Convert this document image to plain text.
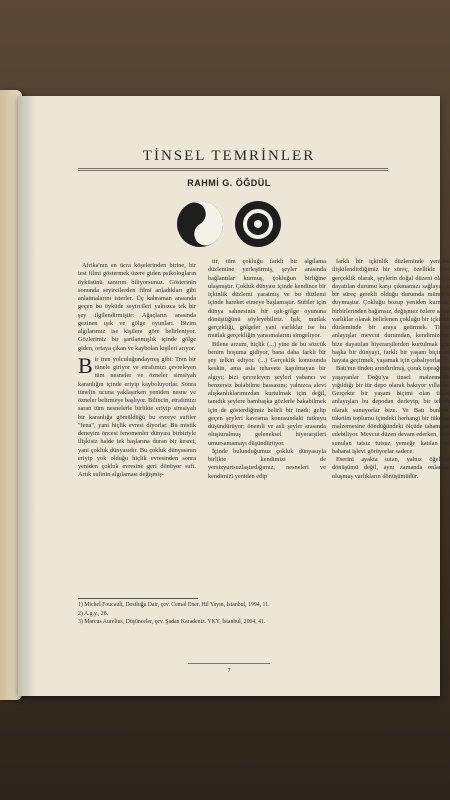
TİNSEL TEMRİNLER
RAHMİ G. ÖĞDÜL

Afrika'nın en ücra köşelerinden birine, bir test filmi göstermek üzere giden psikologların öyküsünü sanırım biliyorsunuz. Gösterinin sonunda seyircilerden filmi anladıkları gibi anlatmalarını isterler. Üç kahraman arasında geçen bu öyküde seyircileri yalnızca tek bir şey ilgilendirmiştir: Ağaçların arasında gezinen ışık ve gölge oyunları. Bizim algılarımız ise kişilere göre belirleniyor. Gözlerimiz bir şartlanmışlık içinde gölge giden, ortaya çıkan ve kaybolan kişileri arıyor.

Bir tren yolculuğundaymış gibi: Tren bir tünele giriyor ve etrafımızı çevreleyen tüm nesneler ve özneler simsiyah karanlığın içinde eriyip kayboluyorlar. Sonra tünelin ucuna yaklaşırken yeniden nesne ve özneler belirmeye başlıyor. Bilincin, etrafımızı saran tüm nesnelerle birlikte eriyip simsiyah bir karanlığa gömüldüğü bu evreye sufiler "fena", yani hiçlik evresi diyorlar. Bu mistik deneyim öncesi fenomenler dünyası birbiriyle ilişkisiz halde tek başlarına duran bir kesret, yani çokluk dünyasıdır. Bu çokluk dünyasının eriyip yok olduğu hiçlik evresinden sonra yeniden çokluk evresine geri dönüyor sufi. Artık sufinin algılaması değişmiş-

tir, tüm çokluğu farklı bir algılama düzlemine yerleştirmiş, şeyler arasında bağlantılar kurmuş, çokluğun birliğine ulaşmıştır. Çokluk dünyası içinde kendince bir içkinlik düzlemi yaratmış ve bu düzlemi içinde hareket etmeye başlamıştır. Sufiler için dünya sahnesinin bir ışık-gölge oyununa dönüştüğünü söyleyebiliriz. Işık, mutlak gerçekliği, gölgeler yani varlıklar ise bu mutlak gerçekliğin yansımalarını simgeliyor.

Bilene arzum, hiçlik (...) yine de bu sözcük benim hoşuma gidiyor, bana daha farklı bir şey telkin ediyor. (...) Gerçeklik konusunda keskin, ama asla rehavete kapılmayan bir algıyı; bizi çevreleyen şeyleri yabancı ve benzersiz bulabilme hassasını; yalnızca alevi alışkanlıklarımızdan kurtulmak için değil, tanıdık şeylere bambaşka gözlerle bakabilmek için de gösterdiğimiz belirli bir inadı; gelip geçen şeyleri kavrama konusundaki tutkuyu düşündürüyor; önemli ve asli şeyler arasında oluşturulmuş geleneksel hiyerarşileri umursamamayı düşündürüyor.

İçinde bulunduğumuz çokluk dünyasıyla birlikte kendimizi de yersizyurtsuzlaştırdığımız, nesneleri ve kendimizi yeniden edip

farklı bir içkinlik düzleminde yeniden ilişkilendirdiğimiz bir süreç, özellikle bize gerçeklik olarak, şeylerin doğal düzeni olarak dayatılan durumu karşı çıkmamızı sağlayacak bir süreç gerekli olduğu durumda mümkün duymuştur. Çokluğu bozup yeniden kurmak, birbirlerinden bağımsız, değişmez özlere sahip varlıklar olarak belirlenen çokluğu bir içkinlik düzleminde bir araya getirmek. Tinsel anlayışlar mevcut durumdan, kendimizden, bize dayatılan hiyerarşilerden kurtulmak için başka bir dünyayı, farklı bir yaşam biçimini hayata geçirmek, yaşamak için çabalıyorlar.

Batı'nın tinden arındırılmış, çorak toprağında yaşayanlar Doğu'ya tinsel malzemenin yığıldığı bir tür depo olarak bakıyor yıllardır. Gerçekte bir yaşam biçimi olan tinsel anlayışları bu depodan derleyip, bir teknik olarak sunuyorlar bize. Ve Batı bunlara, tüketim toplumu içindeki herhangi bir tüketim malzemesine döndüğündeki ölçüde tahammül edebiliyor. Mevcut düzen devam ederken, bize sunulan tatsız tutsuz yemeğe katılan bir baharat işlevi görüyorlar sadece.

Eserini ayakta tutan, yalnız öğelerin dönüşümü değil, aynı zamanda onlardan oluşmuş varlıkların dönüşümüdür.

1) Michel Foucault, Dostluğa Dair, çev. Cemal Ener. Hil Yayın, İstanbul, 1994, 11.
2) A.g.y., 28.
3) Marcus Aurelius, Düşünceler, çev. Şadan Karadeniz. YKY, İstanbul, 2004, 41.
7
